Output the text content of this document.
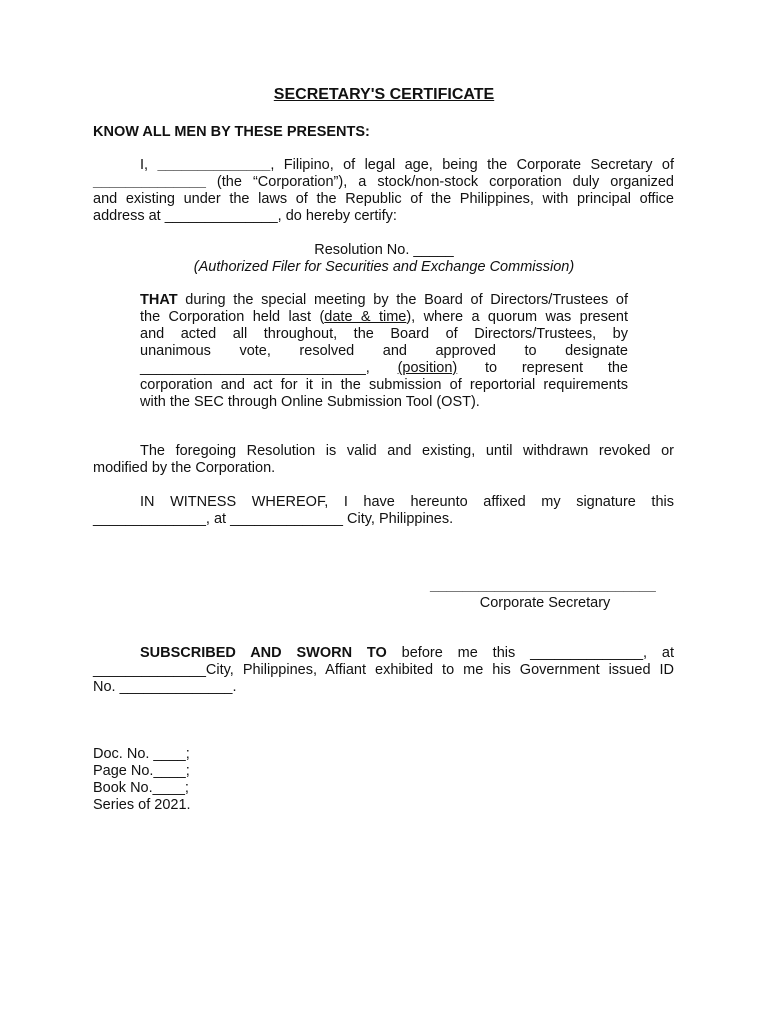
SECRETARY'S CERTIFICATE
KNOW ALL MEN BY THESE PRESENTS:
I, ______________, Filipino, of legal age, being the Corporate Secretary of
______________ (the “Corporation”), a stock/non-stock corporation duly organized
and existing under the laws of the Republic of the Philippines, with principal office
address at ______________, do hereby certify:
Resolution No. _____
(Authorized Filer for Securities and Exchange Commission)
THAT during the special meeting by the Board of Directors/Trustees of
the Corporation held last (date & time), where a quorum was present
and acted all throughout, the Board of Directors/Trustees, by
unanimous vote, resolved and approved to designate
____________________________, (position) to represent the
corporation and act for it in the submission of reportorial requirements
with the SEC through Online Submission Tool (OST).
The foregoing Resolution is valid and existing, until withdrawn revoked or
modified by the Corporation.
IN WITNESS WHEREOF, I have hereunto affixed my signature this
______________, at ______________ City, Philippines.
____________________________
Corporate Secretary
SUBSCRIBED AND SWORN TO before me this ______________, at
______________City, Philippines, Affiant exhibited to me his Government issued ID
No. ______________.
Doc. No. ____;
Page No.____;
Book No.____;
Series of 2021.
